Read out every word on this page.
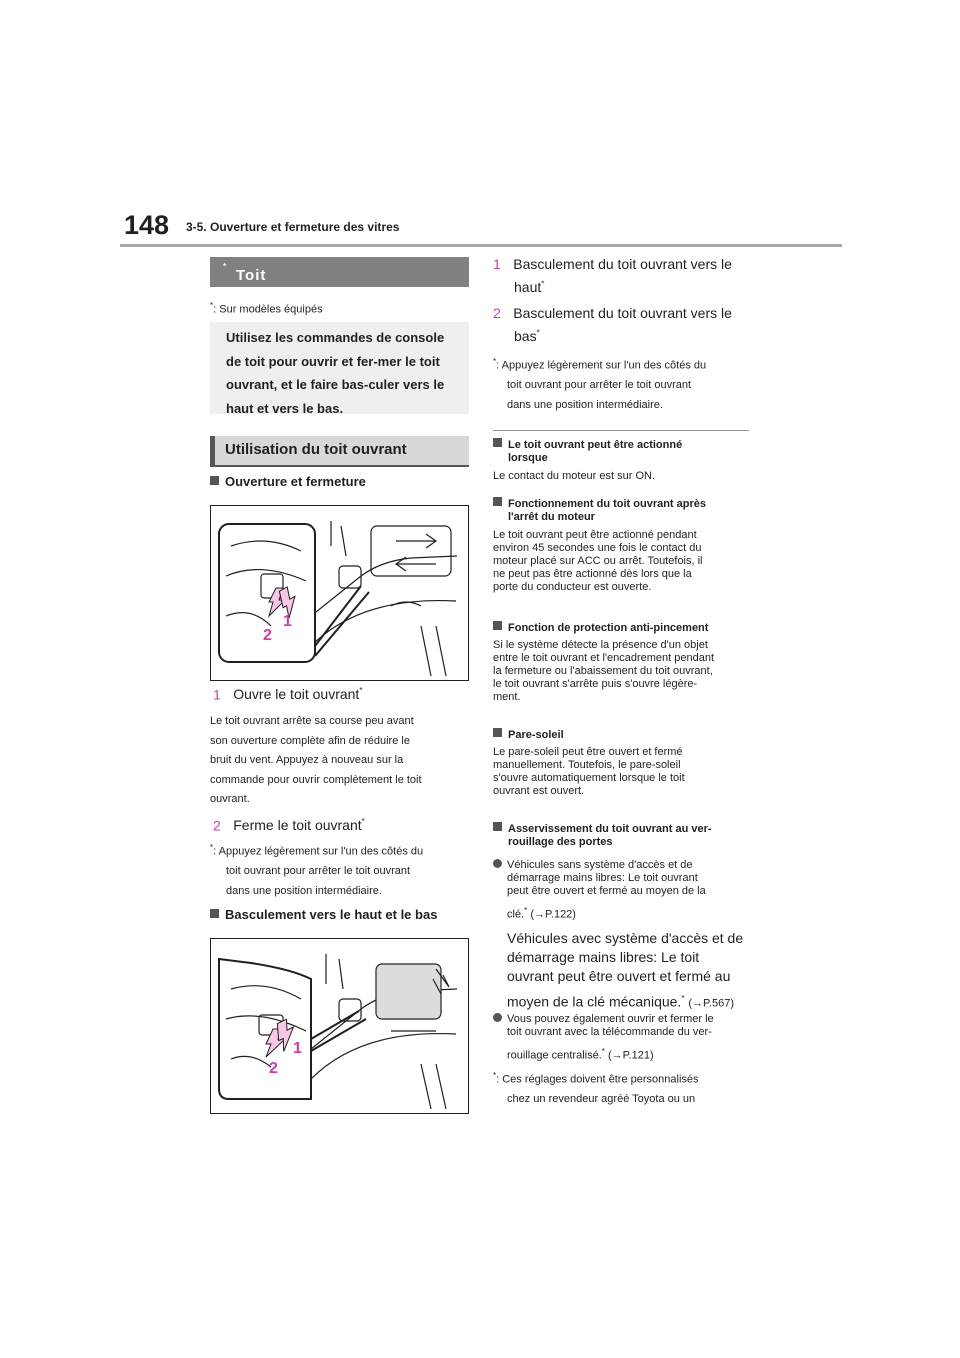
148 3-5. Ouverture et fermeture des vitres
Toit ouvrant
*
*: Sur modèles équipés
Utilisez les commandes de console de toit pour ouvrir et fer-mer le toit ouvrant, et le faire bas-culer vers le haut et vers le bas.
Utilisation du toit ouvrant
Ouverture et fermeture
1
2
1 Ouvre le toit ouvrant*
Le toit ouvrant arrête sa course peu avant
son ouverture complète afin de réduire le
bruit du vent. Appuyez à nouveau sur la
commande pour ouvrir complètement le toit
ouvrant.
2 Ferme le toit ouvrant*
*: Appuyez légèrement sur l'un des côtés du
toit ouvrant pour arrêter le toit ouvrant
dans une position intermédiaire.
Basculement vers le haut et le bas
1
2
1 Basculement du toit ouvrant vers le
haut*
2 Basculement du toit ouvrant vers le
bas*
*: Appuyez légèrement sur l'un des côtés du
toit ouvrant pour arrêter le toit ouvrant
dans une position intermédiaire.
Le toit ouvrant peut être actionné
lorsque
Le contact du moteur est sur ON.
Fonctionnement du toit ouvrant après
l'arrêt du moteur
Le toit ouvrant peut être actionné pendant
environ 45 secondes une fois le contact du
moteur placé sur ACC ou arrêt. Toutefois, il
ne peut pas être actionné dès lors que la
porte du conducteur est ouverte.
Fonction de protection anti-pincement
Si le système détecte la présence d'un objet
entre le toit ouvrant et l'encadrement pendant
la fermeture ou l'abaissement du toit ouvrant,
le toit ouvrant s'arrête puis s'ouvre légère-
ment.
Pare-soleil
Le pare-soleil peut être ouvert et fermé
manuellement. Toutefois, le pare-soleil
s'ouvre automatiquement lorsque le toit
ouvrant est ouvert.
Asservissement du toit ouvrant au ver-
rouillage des portes
Véhicules sans système d'accès et de
démarrage mains libres: Le toit ouvrant
peut être ouvert et fermé au moyen de la
clé.* (→P.122)
Véhicules avec système d'accès et de
démarrage mains libres: Le toit
ouvrant peut être ouvert et fermé au
moyen de la clé mécanique.* (→P.567)
Vous pouvez également ouvrir et fermer le
toit ouvrant avec la télécommande du ver-
rouillage centralisé.* (→P.121)
*: Ces réglages doivent être personnalisés
chez un revendeur agréé Toyota ou un
